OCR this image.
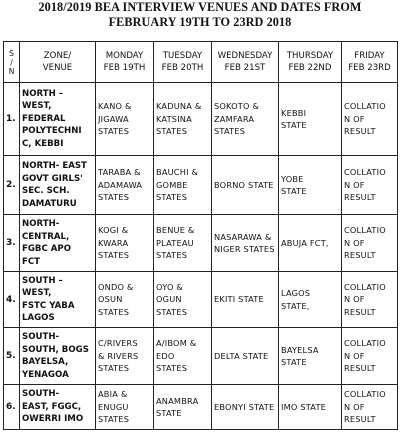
2018/2019 BEA INTERVIEW VENUES AND DATES FROM
FEBRUARY 19TH TO 23RD 2018
S
/
N	ZONE/
VENUE	MONDAY
FEB 19TH	TUESDAY
FEB 20TH	WEDNESDAY
FEB 21ST	THURSDAY
FEB 22ND	FRIDAY
FEB 23RD
1.	NORTH –
WEST,
FEDERAL
POLYTECHNI
C, KEBBI	KANO &
JIGAWA
STATES	KADUNA &
KATSINA
STATES	SOKOTO &
ZAMFARA
STATES	KEBBI
STATE	COLLATIO
N OF
RESULT
2.	NORTH- EAST
GOVT GIRLS'
SEC. SCH.
DAMATURU	TARABA &
ADAMAWA
STATES	BAUCHI &
GOMBE
STATES	BORNO STATE	YOBE
STATE	COLLATIO
N OF
RESULT
3.	NORTH-
CENTRAL,
FGBC APO
FCT	KOGI &
KWARA
STATES	BENUE &
PLATEAU
STATES	NASARAWA &
NIGER STATES	ABUJA FCT,	COLLATIO
N OF
RESULT
4.	SOUTH –
WEST,
FSTC YABA
LAGOS	ONDO &
OSUN
STATES	OYO &
OGUN
STATES	EKITI STATE	LAGOS
STATE,	COLLATIO
N OF
RESULT
5.	SOUTH-
SOUTH, BOGS
BAYELSA,
YENAGOA	C/RIVERS
& RIVERS
STATES	A/IBOM &
EDO
STATES	DELTA STATE	BAYELSA
STATE	COLLATIO
N OF
RESULT
6.	SOUTH-
EAST, FGGC,
OWERRI IMO	ABIA &
ENUGU
STATES	ANAMBRA
STATE	EBONYI STATE	IMO STATE	COLLATIO
N OF
RESULT
